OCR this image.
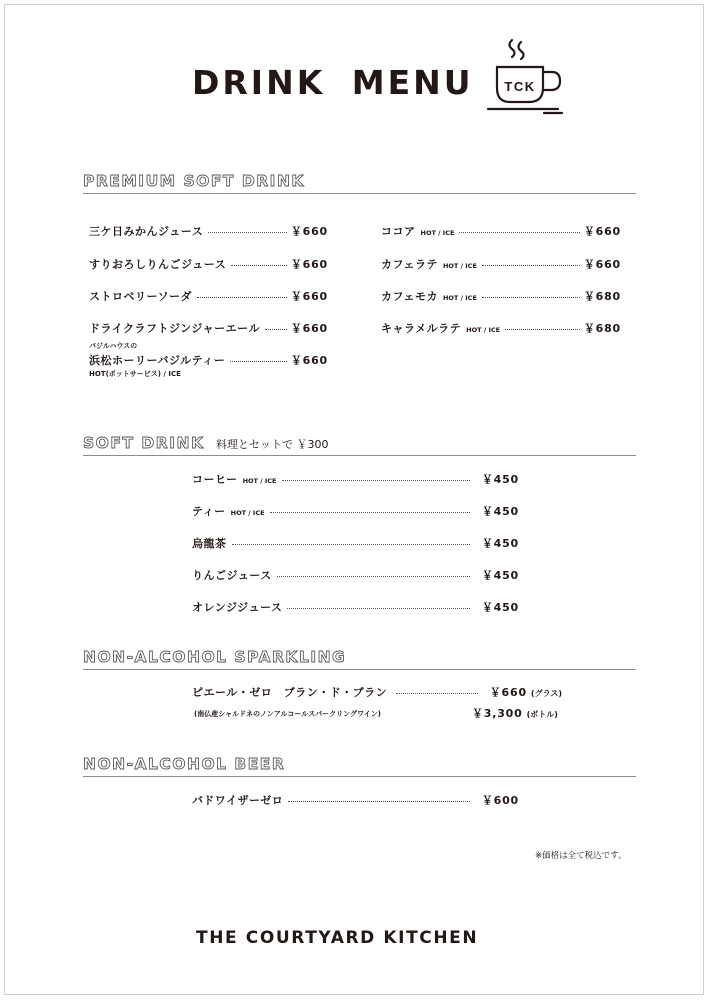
DRINK MENU TCK
PREMIUM SOFT DRINK
三ケ日みかんジュース	￥660
すりおろしりんごジュース	￥660
ストロベリーソーダ	￥660
ドライクラフトジンジャーエール	￥660
バジルハウスの
浜松ホーリーバジルティー	￥660
HOT(ポットサービス) / ICE
ココア HOT / ICE	￥660
カフェラテ HOT / ICE	￥660
カフェモカ HOT / ICE	￥680
キャラメルラテ HOT / ICE	￥680
SOFT DRINK 料理とセットで ￥300
コーヒー HOT / ICE	￥450
ティー HOT / ICE	￥450
烏龍茶	￥450
りんごジュース	￥450
オレンジジュース	￥450
NON-ALCOHOL SPARKLING
ピエール・ゼロ　ブラン・ド・ブラン	￥660 (グラス)
(南仏産シャルドネのノンアルコールスパークリングワイン)	￥3,300 (ボトル)
NON-ALCOHOL BEER
バドワイザーゼロ	￥600
※価格は全て税込です。
THE COURTYARD KITCHEN
